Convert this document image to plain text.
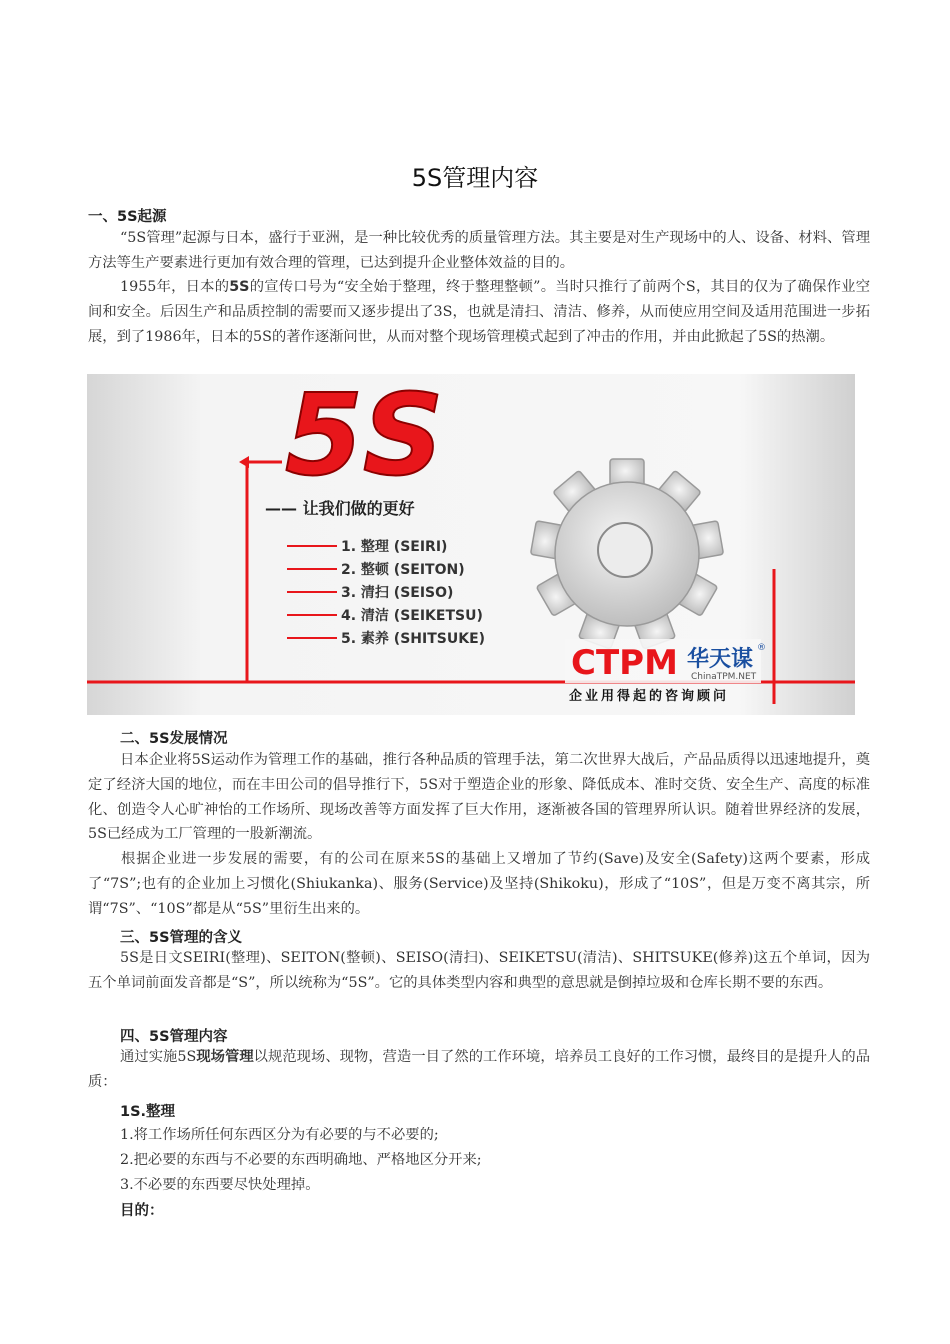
5S管理内容
一、5S起源
“5S管理”起源与日本，盛行于亚洲，是一种比较优秀的质量管理方法。其主要是对生产现场中的人、设备、材料、管理方法等生产要素进行更加有效合理的管理，已达到提升企业整体效益的目的。
1955年，日本的5S的宣传口号为“安全始于整理，终于整理整顿”。当时只推行了前两个S，其目的仅为了确保作业空间和安全。后因生产和品质控制的需要而又逐步提出了3S，也就是清扫、清洁、修养，从而使应用空间及适用范围进一步拓展，到了1986年，日本的5S的著作逐渐问世，从而对整个现场管理模式起到了冲击的作用，并由此掀起了5S的热潮。
5S
—— 让我们做的更好
1. 整理 (SEIRI)
2. 整顿 (SEITON)
3. 清扫 (SEISO)
4. 清洁 (SEIKETSU)
5. 素养 (SHITSUKE)
CTPM 华天谋 ®
ChinaTPM.NET
企业用得起的咨询顾问
二、5S发展情况
日本企业将5S运动作为管理工作的基础，推行各种品质的管理手法，第二次世界大战后，产品品质得以迅速地提升，奠定了经济大国的地位，而在丰田公司的倡导推行下，5S对于塑造企业的形象、降低成本、准时交货、安全生产、高度的标准化、创造令人心旷神怡的工作场所、现场改善等方面发挥了巨大作用，逐渐被各国的管理界所认识。随着世界经济的发展，5S已经成为工厂管理的一股新潮流。
根据企业进一步发展的需要，有的公司在原来5S的基础上又增加了节约(Save)及安全(Safety)这两个要素，形成了“7S”;也有的企业加上习惯化(Shiukanka)、服务(Service)及坚持(Shikoku)，形成了“10S”，但是万变不离其宗，所谓“7S”、“10S”都是从“5S”里衍生出来的。
三、5S管理的含义
5S是日文SEIRI(整理)、SEITON(整顿)、SEISO(清扫)、SEIKETSU(清洁)、SHITSUKE(修养)这五个单词，因为五个单词前面发音都是“S”，所以统称为“5S”。它的具体类型内容和典型的意思就是倒掉垃圾和仓库长期不要的东西。
四、5S管理内容
通过实施5S现场管理以规范现场、现物，营造一目了然的工作环境，培养员工良好的工作习惯，最终目的是提升人的品质：
1S.整理
1.将工作场所任何东西区分为有必要的与不必要的;
2.把必要的东西与不必要的东西明确地、严格地区分开来;
3.不必要的东西要尽快处理掉。
目的：
